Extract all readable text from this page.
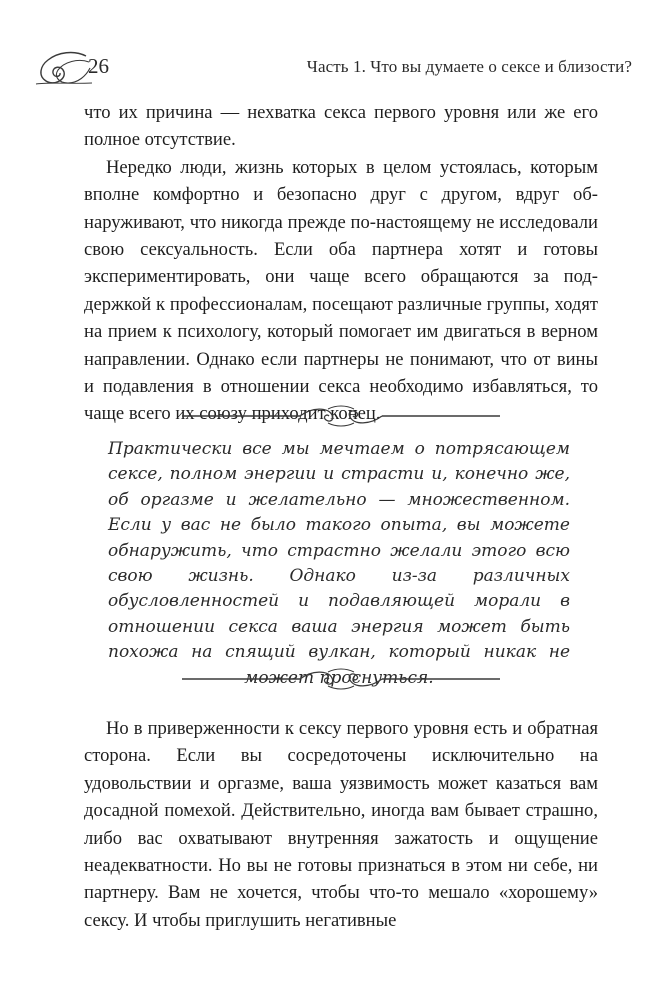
26	Часть 1. Что вы думаете о сексе и близости?

что их причина — нехватка секса первого уровня или же его полное отсутствие.

Нередко люди, жизнь которых в целом устоялась, которым вполне комфортно и безопасно друг с другом, вдруг обнаруживают, что никогда прежде по-настоящему не исследовали свою сексуальность. Если оба партнера хотят и готовы экспериментировать, они чаще всего обращаются за поддержкой к профессионалам, посещают различные группы, ходят на прием к психологу, который помогает им двигаться в верном направлении. Однако если партнеры не понимают, что от вины и подавления в отношении секса необходимо избавляться, то чаще всего их союзу приходит конец.

Практически все мы мечтаем о потрясающем сексе, полном энергии и страсти и, конечно же, об оргазме и желательно — множественном. Если у вас не было такого опыта, вы можете обнаружить, что страстно желали этого всю свою жизнь. Однако из-за различных обусловленностей и подавляющей морали в отношении секса ваша энергия может быть похожа на спящий вулкан, который никак не может проснуться.

Но в приверженности к сексу первого уровня есть и обратная сторона. Если вы сосредоточены исключительно на удовольствии и оргазме, ваша уязвимость может казаться вам досадной помехой. Действительно, иногда вам бывает страшно, либо вас охватывают внутренняя зажатость и ощущение неадекватности. Но вы не готовы признаться в этом ни себе, ни партнеру. Вам не хочется, чтобы что-то мешало «хорошему» сексу. И чтобы приглушить негативные
